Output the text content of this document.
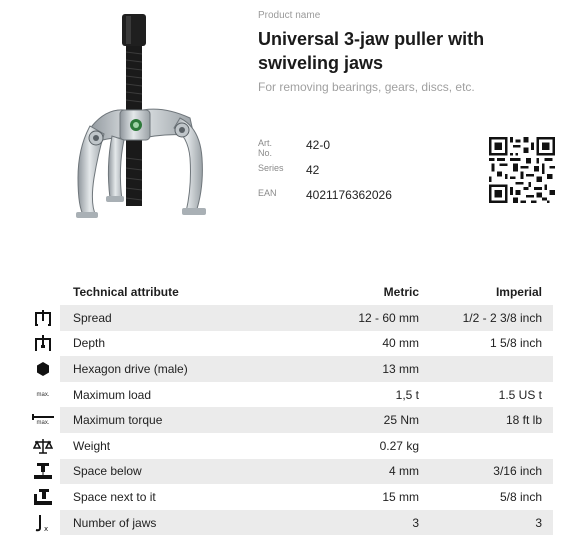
Product name
Universal 3-jaw puller with swiveling jaws
For removing bearings, gears, discs, etc.
Art. No.
42-0
Series 42
EAN 4021176362026
Technical attribute	Metric	Imperial
Spread	12 - 60 mm	1/2 - 2 3/8 inch
Depth	40 mm	1 5/8 inch
Hexagon drive (male)	13 mm
max. Maximum load	1,5 t	1.5 US t
max. Maximum torque	25 Nm	18 ft lb
Weight	0.27 kg
Space below	4 mm	3/16 inch
Space next to it	15 mm	5/8 inch
x Number of jaws	3	3
